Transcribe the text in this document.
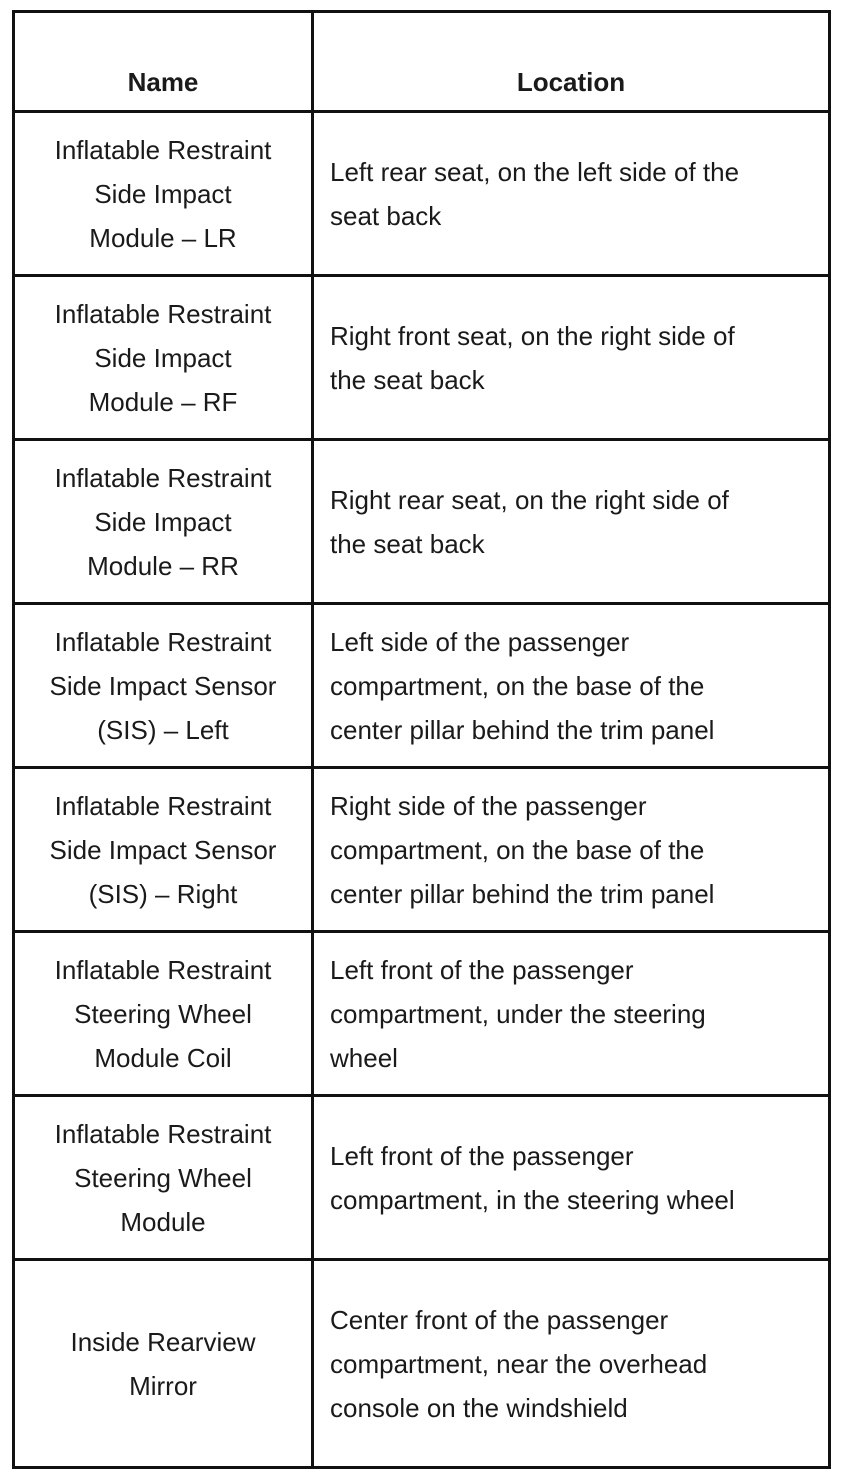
Name	Location

Inflatable Restraint
Side Impact
Module – LR	Left rear seat, on the left side of the
seat back

Inflatable Restraint
Side Impact
Module – RF	Right front seat, on the right side of
the seat back

Inflatable Restraint
Side Impact
Module – RR	Right rear seat, on the right side of
the seat back

Inflatable Restraint
Side Impact Sensor
(SIS) – Left	Left side of the passenger
compartment, on the base of the
center pillar behind the trim panel

Inflatable Restraint
Side Impact Sensor
(SIS) – Right	Right side of the passenger
compartment, on the base of the
center pillar behind the trim panel

Inflatable Restraint
Steering Wheel
Module Coil	Left front of the passenger
compartment, under the steering
wheel

Inflatable Restraint
Steering Wheel
Module	Left front of the passenger
compartment, in the steering wheel

Inside Rearview
Mirror	Center front of the passenger
compartment, near the overhead
console on the windshield
